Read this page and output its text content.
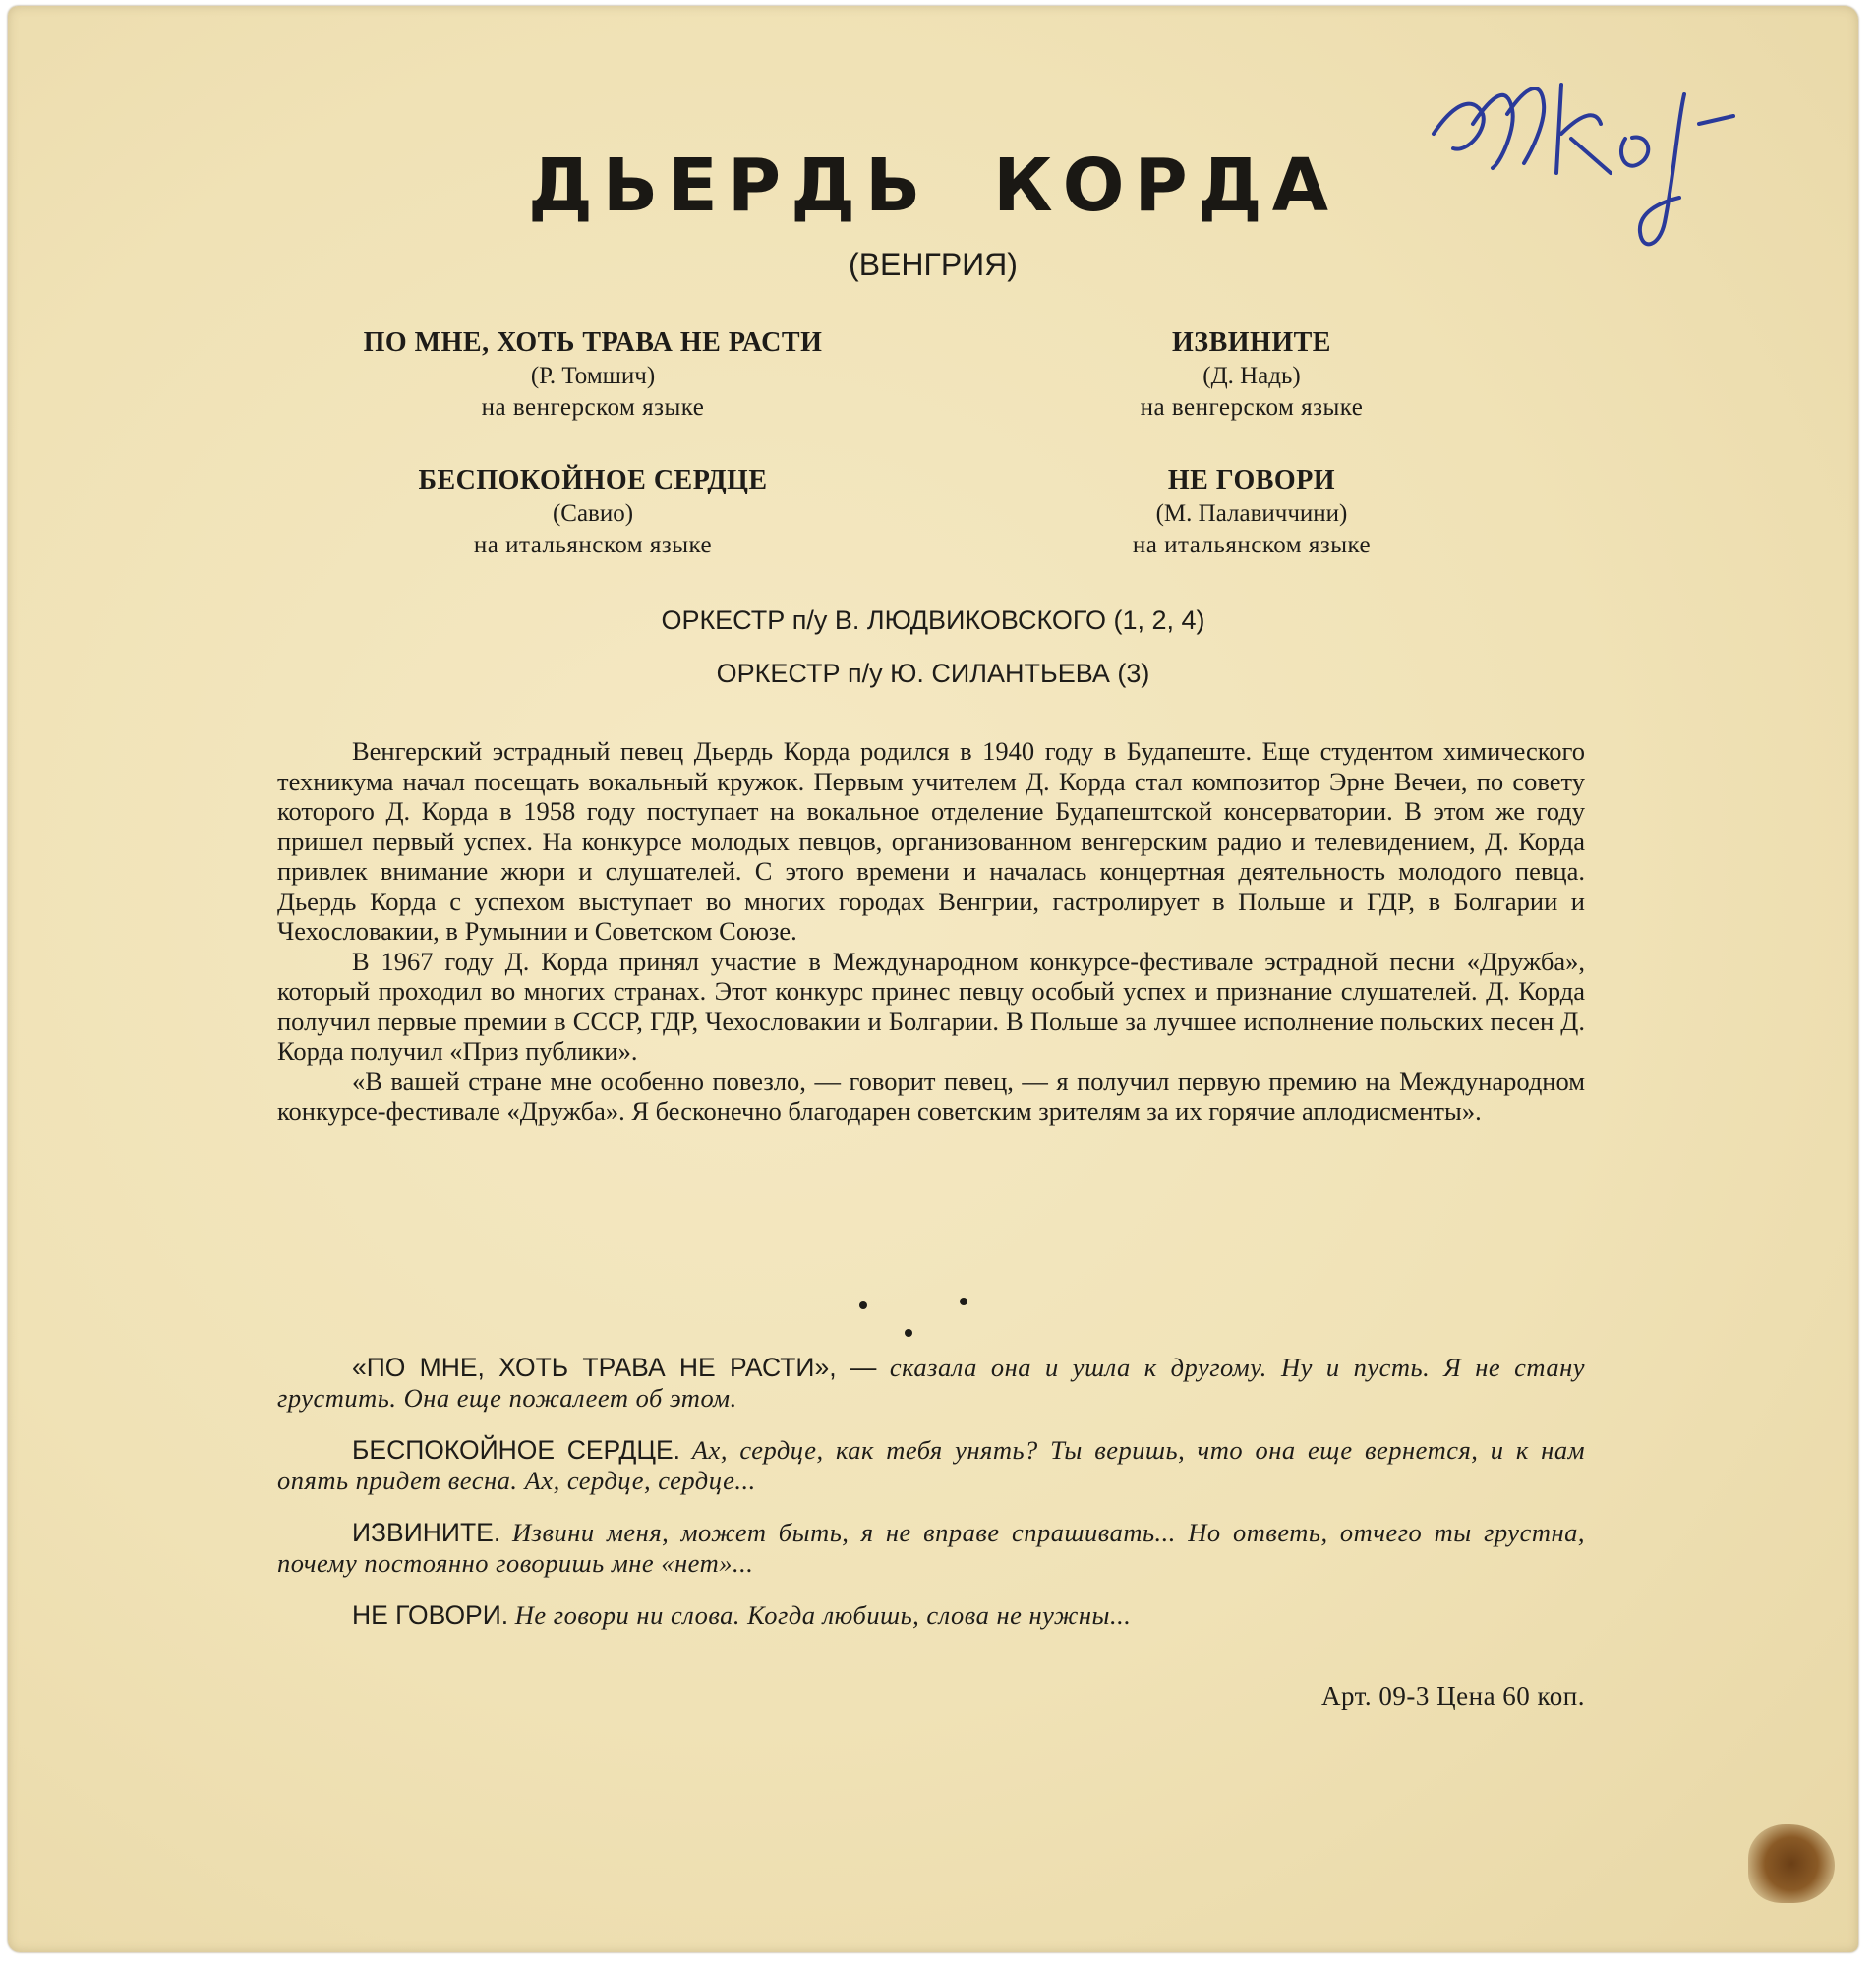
ДЬЕРДЬ КОРДА
(ВЕНГРИЯ)
ПО МНЕ, ХОТЬ ТРАВА НЕ РАСТИ
(Р. Томшич)
на венгерском языке
ИЗВИНИТЕ
(Д. Надь)
на венгерском языке
БЕСПОКОЙНОЕ СЕРДЦЕ
(Савио)
на итальянском языке
НЕ ГОВОРИ
(М. Палавиччини)
на итальянском языке
ОРКЕСТР п/у В. ЛЮДВИКОВСКОГО (1, 2, 4)
ОРКЕСТР п/у Ю. СИЛАНТЬЕВА (3)

Венгерский эстрадный певец Дьердь Корда родился в 1940 году в Будапеште. Еще студентом химического техникума начал посещать вокальный кружок. Первым учителем Д. Корда стал композитор Эрне Вечеи, по совету которого Д. Корда в 1958 году поступает на вокальное отделение Будапештской консерватории. В этом же году пришел первый успех. На конкурсе молодых певцов, организованном венгерским радио и телевидением, Д. Корда привлек внимание жюри и слушателей. С этого времени и началась концертная деятельность молодого певца. Дьердь Корда с успехом выступает во многих городах Венгрии, гастролирует в Польше и ГДР, в Болгарии и Чехословакии, в Румынии и Советском Союзе.

В 1967 году Д. Корда принял участие в Международном конкурсе-фестивале эстрадной песни «Дружба», который проходил во многих странах. Этот конкурс принес певцу особый успех и признание слушателей. Д. Корда получил первые премии в СССР, ГДР, Чехословакии и Болгарии. В Польше за лучшее исполнение польских песен Д. Корда получил «Приз публики».

«В вашей стране мне особенно повезло, — говорит певец, — я получил первую премию на Международном конкурсе-фестивале «Дружба». Я бесконечно благодарен советским зрителям за их горячие аплодисменты».

«ПО МНЕ, ХОТЬ ТРАВА НЕ РАСТИ», — сказала она и ушла к другому. Ну и пусть. Я не стану грустить. Она еще пожалеет об этом.

БЕСПОКОЙНОЕ СЕРДЦЕ. Ах, сердце, как тебя унять? Ты веришь, что она еще вернется, и к нам опять придет весна. Ах, сердце, сердце...

ИЗВИНИТЕ. Извини меня, может быть, я не вправе спрашивать... Но ответь, отчего ты грустна, почему постоянно говоришь мне «нет»...

НЕ ГОВОРИ. Не говори ни слова. Когда любишь, слова не нужны...

Арт. 09-3 Цена 60 коп.
